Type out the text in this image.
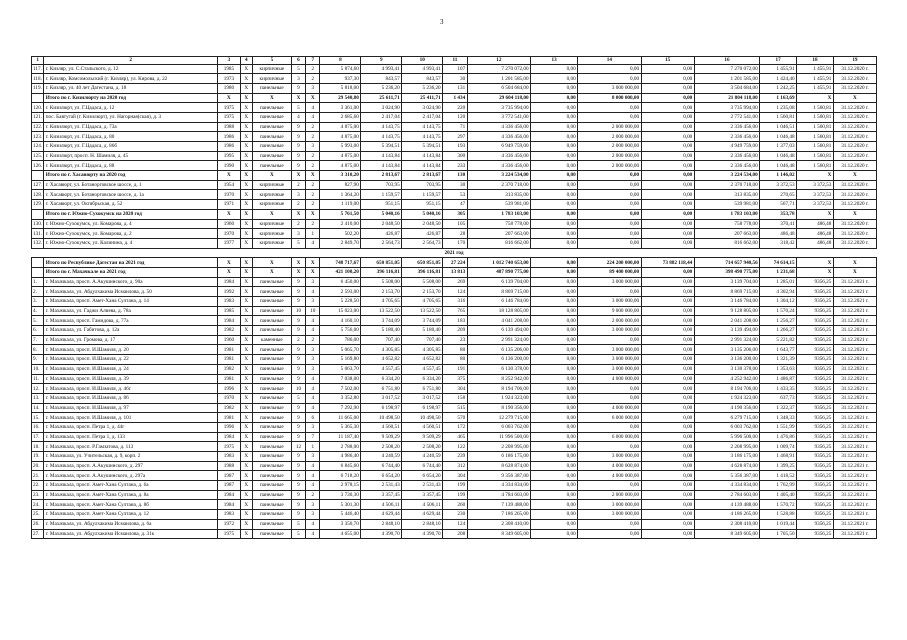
3
1	2	3	4	5	6	7	8	9	10	11	12	13	14	15	16	17	18	19
117.	г. Кизляр, ул. С.Стальского, д. 12	1985	X	кирпичные	5	2	5 874,60	4 993,41	4 993,41	107	7 270 072,00	0,00	0,00	0,00	7 270 072,00	1 455,91	1 455,91	31.12.2020 г.
118.	г. Кизляр, Комсомольский (г. Кизляр), ул. Кирова, д. 22	1973	X	кирпичные	3	2	937,30	843,57	843,57	30	1 201 585,00	0,00	0,00	0,00	1 201 585,00	1 424,40	1 455,91	31.12.2020 г.
119.	г. Кизляр, ул. 40 лет Дагестана, д. 18	1980	X	панельные	9	3	5 818,00	5 236,20	5 236,20	131	6 504 684,00	0,00	3 000 000,00	0,00	3 504 684,00	1 242,25	1 455,91	31.12.2020 г.
	Итого по г. Кизилюрту на 2020 год	X	X	X	X	X	29 540,80	25 611,71	25 411,71	1 434	29 604 118,00	0,00	8 000 000,00	0,00	21 804 118,00	1 163,69	X	X
120.	г. Кизилюрт, ул. Г.Цадаса, д. 12	1975	X	панельные	5	4	3 361,00	3 024,90	3 024,90	220	3 735 994,00	0,00	0,00	0,00	3 735 994,00	1 235,08	1 560,81	31.12.2020 г.
121.	пос. Бавтугай (г. Кизилюрт), ул. Нагорная(ская), д. 3	1975	X	панельные	4	4	2 685,60	2 417,04	2 417,04	120	3 772 541,00	0,00	0,00	0,00	2 772 541,00	1 560,81	1 560,81	31.12.2020 г.
122.	г. Кизилюрт, ул. Г.Цадаса, д. 73а	1988	X	панельные	9	2	4 875,00	4 143,75	4 143,75	71	4 336 456,00	0,00	2 000 000,00	0,00	2 336 456,00	1 046,51	1 560,81	31.12.2020 г.
123.	г. Кизилюрт, ул. Г.Цадаса, д. 80	1986	X	панельные	9	2	4 875,00	4 143,75	4 143,75	297	4 336 456,00	0,00	2 000 000,00	0,00	2 336 456,00	1 046,48	1 560,81	31.12.2020 г.
124.	г. Кизилюрт, ул. Г.Цадаса, д. 86б	1986	X	панельные	9	3	5 993,00	5 394,51	5 394,51	193	6 949 759,00	0,00	2 000 000,00	0,00	4 949 759,00	1 377,03	1 560,81	31.12.2020 г.
125.	г. Кизилюрт, просп. Н. Шамиля, д. 45	1995	X	панельные	9	2	4 875,00	4 143,84	4 143,84	300	4 336 456,00	0,00	2 000 000,00	0,00	2 336 456,00	1 046,48	1 560,81	31.12.2020 г.
126.	г. Кизилюрт, ул. Г.Цадаса, д. 88	1990	X	панельные	9	2	4 875,00	4 143,84	4 143,84	233	4 336 456,00	0,00	2 000 000,00	0,00	2 336 456,00	1 046,48	1 560,81	31.12.2020 г.
	Итого по г. Хасавюрту на 2020 год	X	X	X	X	X	3 310,20	2 813,67	2 813,67	130	3 224 534,00	0,00	0,00	0,00	3 224 534,00	1 146,02	X	X
127.	г. Хасавюрт, ул. Ботанорговское шоссе, д. 1	1954	X	кирпичные	2	2	827,90	703,95	703,95	30	2 370 718,00	0,00	0,00	0,00	2 370 718,00	3 372,53	3 372,53	31.12.2020 г.
128.	г. Хасавюрт, ул. Ботанорговское шоссе, д. 1а	1970	X	кирпичные	3	2	1 364,20	1 159,57	1 159,57	53	313 835,00	0,00	0,00	0,00	313 835,00	270,65	3 372,53	31.12.2020 г.
129.	г. Хасавюрт, ул. Октябрьская, д. 52	1971	X	кирпичные	2	2	1 119,00	951,15	951,15	47	539 981,00	0,00	0,00	0,00	539 981,00	567,71	3 372,53	31.12.2020 г.
	Итого по г. Южно-Сухокумск на 2020 год	X	X	X	X	X	5 761,50	5 040,16	5 040,16	305	1 783 103,00	0,00	0,00	0,00	1 783 103,00	353,78	X	X
130.	г. Южно-Сухокумск, ул. Комарова, д. 4	1960	X	кирпичные	2	2	2 410,00	2 048,50	2 048,50	105	758 778,00	0,00	0,00	0,00	758 778,00	370,41	486,48	31.12.2020 г.
131.	г. Южно-Сухокумск, ул. Комарова, д. 2	1970	X	кирпичные	3	1	502,20	426,87	426,87	28	207 663,00	0,00	0,00	0,00	207 663,00	486,48	486,48	31.12.2020 г.
132.	г. Южно-Сухокумск, ул. Калинина, д. 4	1977	X	кирпичные	5	4	2 849,70	2 564,73	2 564,73	170	816 662,00	0,00	0,00	0,00	816 662,00	318,42	486,48	31.12.2020 г.
2021 год																		
	Итого по Республике Дагестан на 2021 год	X	X	X	X	X	748 717,67	650 851,05	650 851,05	27 224	1 012 740 653,00	0,00	224 200 000,00	73 882 118,44	714 657 940,56	74 614,15	X	X
	Итого по г. Махачкале на 2021 год	X	X	X	X	X	421 100,20	396 116,81	396 116,81	13 813	487 890 775,00	0,00	89 400 000,00	0,00	398 490 775,00	1 231,68	X	X
1.	г. Махачкала, просп. А.Акушинского, д. 90а	1984	X	панельные	9	3	6 450,00	5 508,00	5 508,00	269	6 139 704,00	0,00	3 000 000,00	0,00	3 139 704,00	1 285,01	9356,25	31.12.2021 г.
2.	г. Махачкала, ул. Абдулхакима Исмаилова, д. 50	1992	X	панельные	9	4	2 593,00	2 153,70	2 153,70	124	8 869 715,00	0,00	0,00	0,00	8 869 715,00	4 302,94	9356,25	31.12.2021 г.
3.	г. Махачкала, просп. Амет-Хана Султана, д. 14	1983	X	панельные	9	3	5 228,50	4 705,65	4 705,65	316	6 146 784,00	0,00	3 000 000,00	0,00	3 146 784,00	1 304,12	9356,25	31.12.2021 г.
4.	г. Махачкала, ул. Гаджи Алиева, д. 78а	1985	X	панельные	10	10	15 023,00	13 522,50	13 522,50	765	18 128 805,00	0,00	9 000 000,00	0,00	9 128 805,00	1 570,24	9356,25	31.12.2021 г.
5.	г. Махачкала, просп. Гамидова, д. 77а	1984	X	панельные	9	4	4 160,10	3 744,09	3 744,09	183	4 041 208,00	0,00	2 000 000,00	0,00	2 041 208,00	1 256,27	9356,25	31.12.2021 г.
6.	г. Махачкала, ул. Габитова, д. 12а	1982	X	панельные	9	4	5 756,00	5 180,40	5 180,40	209	6 139 494,00	0,00	3 000 000,00	0,00	3 139 494,00	1 266,27	9356,25	31.12.2021 г.
7.	г. Махачкала, ул. Громова, д. 17	1960	X	каменные	2	2	786,00	707,40	707,40	23	2 991 324,00	0,00	0,00	0,00	2 991 324,00	5 221,82	9356,25	31.12.2021 г.
8.	г. Махачкала, просп. И.Шамиля, д. 20	1981	X	панельные	9	3	5 065,70	4 305,85	4 305,85	80	6 135 206,00	0,00	3 000 000,00	0,00	3 135 206,00	1 643,77	9356,25	31.12.2021 г.
9.	г. Махачкала, просп. И.Шамиля, д. 22	1981	X	панельные	9	3	5 169,80	4 652,82	4 652,82	80	6 136 200,00	0,00	3 000 000,00	0,00	3 136 200,00	1 321,39	9356,25	31.12.2021 г.
10.	г. Махачкала, просп. И.Шамиля, д. 24	1982	X	панельные	9	3	5 063,70	4 557,45	4 557,45	191	6 130 378,00	0,00	3 000 000,00	0,00	3 130 378,00	1 353,63	9356,25	31.12.2021 г.
11.	г. Махачкала, просп. И.Шамиля, д. 39	1981	X	панельные	9	4	7 038,00	6 334,20	6 334,20	375	8 252 942,00	0,00	4 000 000,00	0,00	4 252 942,00	1 486,87	9356,25	31.12.2021 г.
12.	г. Махачкала, просп. И.Шамиля, д. 46г	1996	X	панельные	10	4	7 502,00	6 751,80	6 751,80	304	8 194 706,00	0,00	0,00	0,00	8 194 706,00	1 433,35	9356,25	31.12.2021 г.
13.	г. Махачкала, просп. И.Шамиля, д. 86	1970	X	панельные	5	4	3 352,80	3 017,52	3 017,52	158	1 924 323,00	0,00	0,00	0,00	1 924 323,00	637,73	9356,25	31.12.2021 г.
14.	г. Махачкала, просп. И.Шамиля, д. 97	1982	X	панельные	9	4	7 292,90	6 198,97	6 198,97	515	8 190 356,00	0,00	4 000 000,00	0,00	4 190 356,00	1 322,37	9356,25	31.12.2021 г.
15.	г. Махачкала, просп. И.Шамиля, д. 101	1981	X	панельные	9	6	11 665,00	10 498,50	10 498,50	570	12 279 715,00	0,00	6 000 000,00	0,00	6 279 715,00	1 348,33	9356,25	31.12.2021 г.
16.	г. Махачкала, просп. Петра 1, д. 44г	1996	X	панельные	9	3	5 365,30	4 560,51	4 560,51	172	6 003 762,00	0,00	0,00	0,00	6 003 762,00	1 551,99	9356,25	31.12.2021 г.
17.	г. Махачкала, просп. Петра 1, д. 133	1984	X	панельные	9	7	11 187,40	9 509,29	9 509,29	465	11 996 500,00	0,00	6 000 000,00	0,00	5 996 500,00	1 476,86	9356,25	31.12.2021 г.
18.	г. Махачкала, просп. Р.Гамзатова, д. 113	1975	X	панельные	12	1	2 788,00	2 508,20	2 508,20	122	2 208 995,00	0,00	0,00	0,00	2 208 995,00	1 009,74	9356,25	31.12.2021 г.
19.	г. Махачкала, ул. Учительская, д. 9, корп. 2	1983	X	панельные	9	3	4 986,40	4 240,59	4 240,59	239	6 186 175,00	0,00	3 000 000,00	0,00	3 186 175,00	1 468,91	9356,25	31.12.2021 г.
20.	г. Махачкала, просп. А.Акушинского, д. 297	1988	X	панельные	9	4	6 845,60	6 744,40	6 744,40	312	8 628 874,00	0,00	4 000 000,00	0,00	4 628 874,00	1 399,25	9356,25	31.12.2021 г.
21.	г. Махачкала, просп. А.Акушинского, д. 297а	1987	X	панельные	9	4	6 718,20	6 654,20	6 654,20	304	9 356 387,00	0,00	4 000 000,00	0,00	5 356 387,00	1 418,52	9356,25	31.12.2021 г.
22.	г. Махачкала, просп. Амет-Хана Султана, д. 6а	1987	X	панельные	9	4	2 978,15	2 531,43	2 531,43	199	4 334 834,00	0,00	0,00	0,00	4 334 834,00	1 762,99	9356,25	31.12.2021 г.
23.	г. Махачкала, просп. Амет-Хана Султана, д. 8а	1984	X	панельные	9	2	3 730,30	3 357,45	3 357,45	199	4 784 603,00	0,00	2 000 000,00	0,00	2 784 603,00	1 405,40	9356,25	31.12.2021 г.
24.	г. Махачкала, просп. Амет-Хана Султана, д. 8б	1984	X	панельные	9	3	5 301,30	4 506,11	4 506,11	260	7 139 488,00	0,00	3 000 000,00	0,00	4 139 488,00	1 570,72	9356,25	31.12.2021 г.
25.	г. Махачкала, просп. Амет-Хана Султана, д. 12	1983	X	панельные	9	3	5 446,40	4 629,44	4 629,44	230	7 186 265,00	0,00	3 000 000,00	0,00	4 186 265,00	1 528,88	9356,25	31.12.2021 г.
26.	г. Махачкала, ул. Абдулхакима Исмаилова, д. 6а	1972	X	панельные	5	4	3 350,70	2 848,10	2 848,10	124	2 308 410,00	0,00	0,00	0,00	2 308 410,00	1 019,44	9356,25	31.12.2021 г.
27.	г. Махачкала, ул. Абдулхакима Исмаилова, д. 31к	1975	X	панельные	5	4	4 655,00	4 390,70	4 390,70	208	8 349 605,00	0,00	0,00	0,00	8 349 605,00	1 705,50	9356,25	31.12.2021 г.
